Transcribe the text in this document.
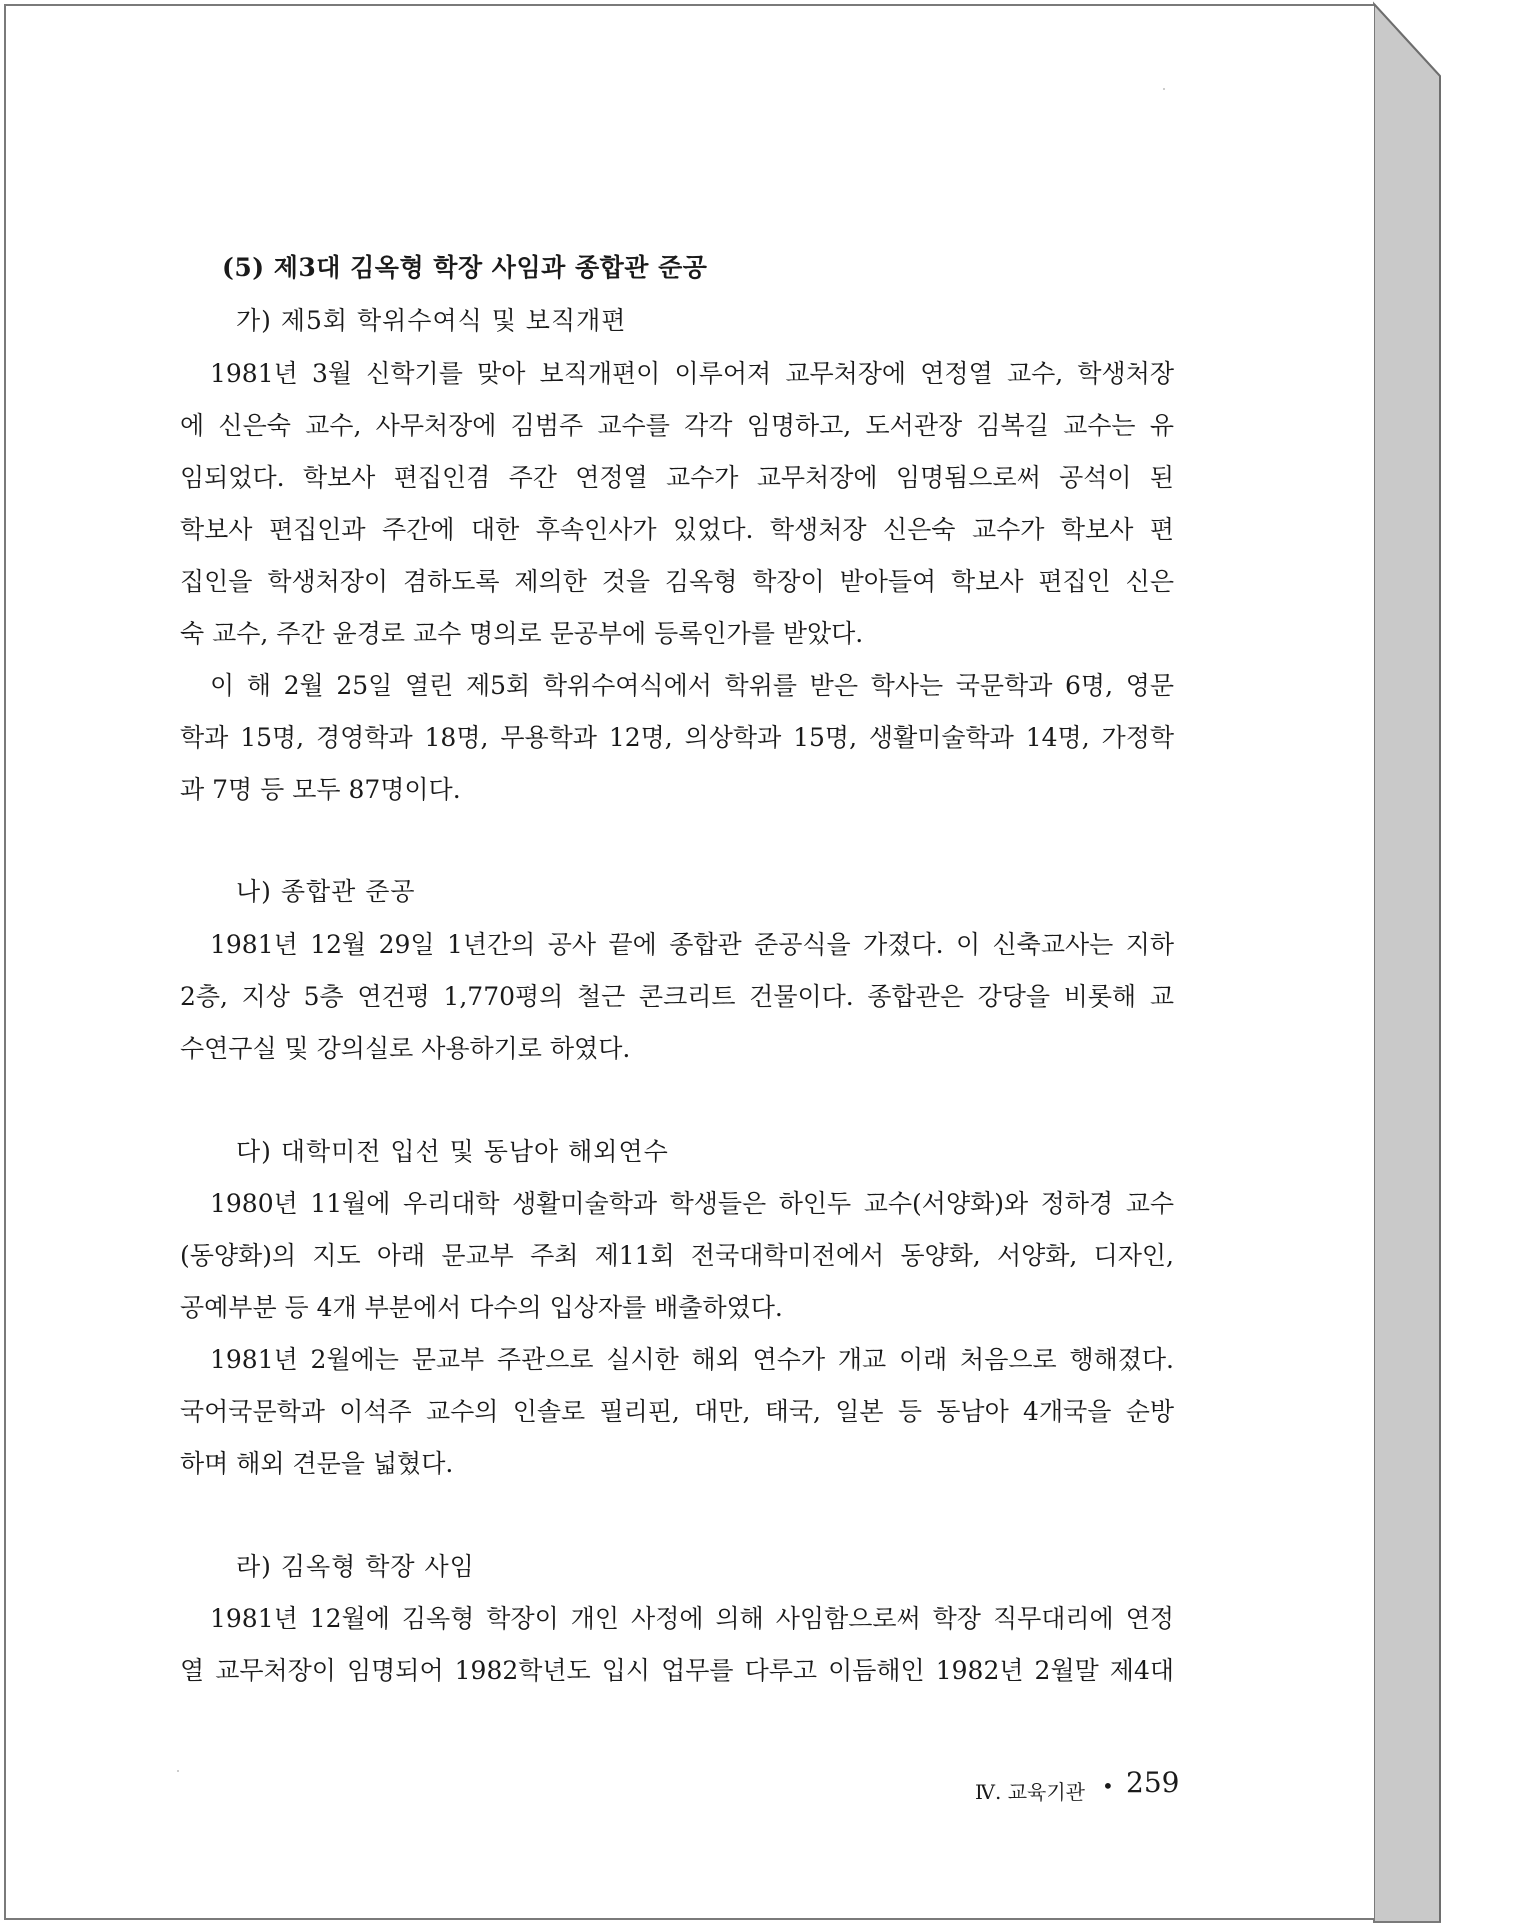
(5) 제3대 김옥형 학장 사임과 종합관 준공
가) 제5회 학위수여식 및 보직개편
1981년 3월 신학기를 맞아 보직개편이 이루어져 교무처장에 연정열 교수, 학생처장
에 신은숙 교수, 사무처장에 김범주 교수를 각각 임명하고, 도서관장 김복길 교수는 유
임되었다. 학보사 편집인겸 주간 연정열 교수가 교무처장에 임명됨으로써 공석이 된
학보사 편집인과 주간에 대한 후속인사가 있었다. 학생처장 신은숙 교수가 학보사 편
집인을 학생처장이 겸하도록 제의한 것을 김옥형 학장이 받아들여 학보사 편집인 신은
숙 교수, 주간 윤경로 교수 명의로 문공부에 등록인가를 받았다.
이 해 2월 25일 열린 제5회 학위수여식에서 학위를 받은 학사는 국문학과 6명, 영문
학과 15명, 경영학과 18명, 무용학과 12명, 의상학과 15명, 생활미술학과 14명, 가정학
과 7명 등 모두 87명이다.
나) 종합관 준공
1981년 12월 29일 1년간의 공사 끝에 종합관 준공식을 가졌다. 이 신축교사는 지하
2층, 지상 5층 연건평 1,770평의 철근 콘크리트 건물이다. 종합관은 강당을 비롯해 교
수연구실 및 강의실로 사용하기로 하였다.
다) 대학미전 입선 및 동남아 해외연수
1980년 11월에 우리대학 생활미술학과 학생들은 하인두 교수(서양화)와 정하경 교수
(동양화)의 지도 아래 문교부 주최 제11회 전국대학미전에서 동양화, 서양화, 디자인,
공예부분 등 4개 부분에서 다수의 입상자를 배출하였다.
1981년 2월에는 문교부 주관으로 실시한 해외 연수가 개교 이래 처음으로 행해졌다.
국어국문학과 이석주 교수의 인솔로 필리핀, 대만, 태국, 일본 등 동남아 4개국을 순방
하며 해외 견문을 넓혔다.
라) 김옥형 학장 사임
1981년 12월에 김옥형 학장이 개인 사정에 의해 사임함으로써 학장 직무대리에 연정
열 교무처장이 임명되어 1982학년도 입시 업무를 다루고 이듬해인 1982년 2월말 제4대
Ⅳ. 교육기관 • 259
